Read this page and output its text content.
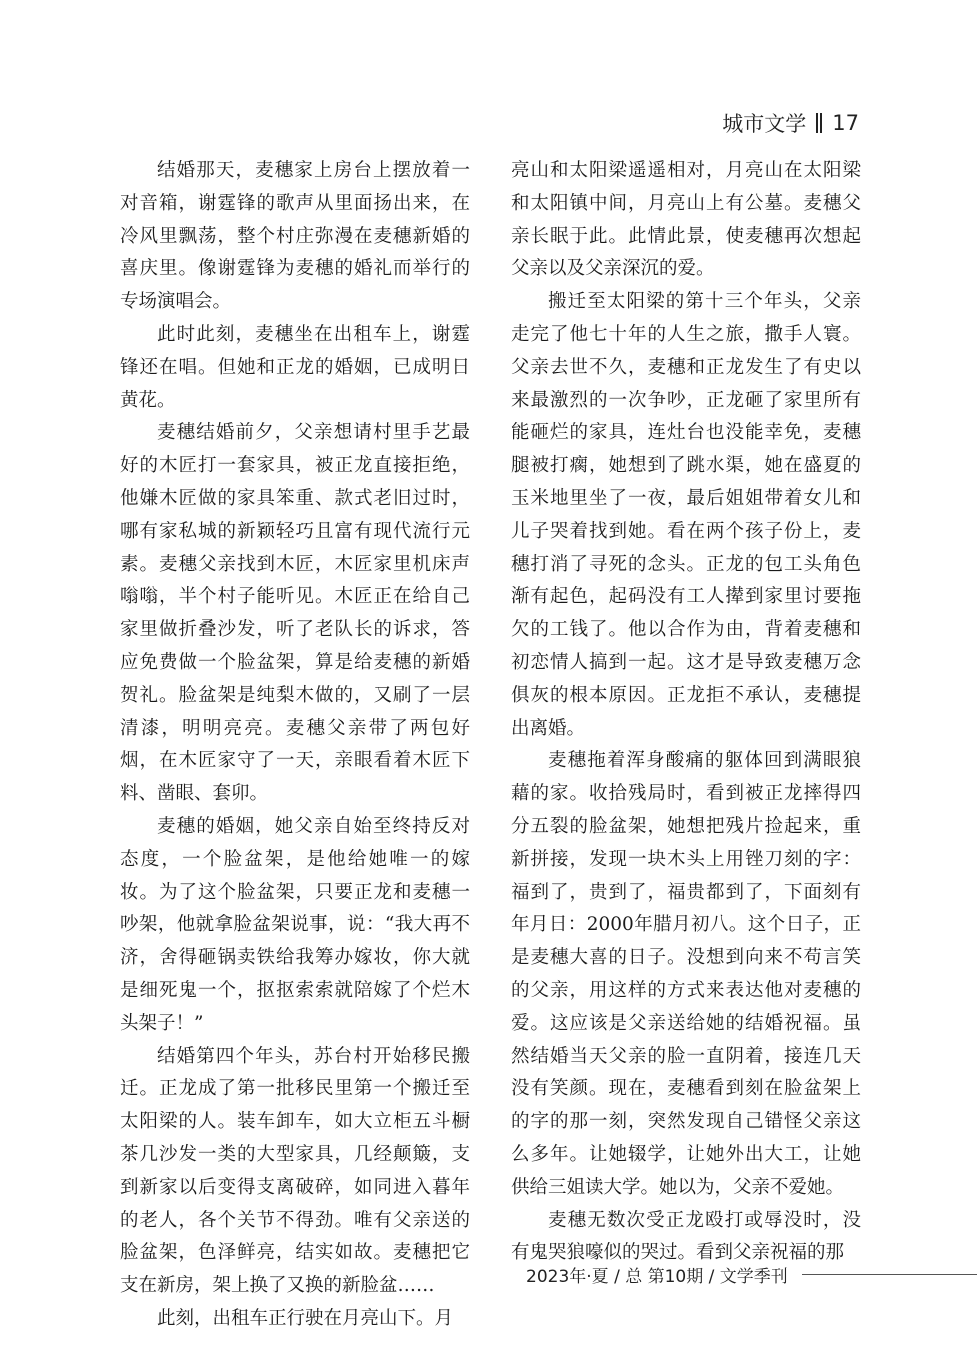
城市文学 17

结婚那天，麦穗家上房台上摆放着一对音箱，谢霆锋的歌声从里面扬出来，在冷风里飘荡，整个村庄弥漫在麦穗新婚的喜庆里。像谢霆锋为麦穗的婚礼而举行的专场演唱会。

此时此刻，麦穗坐在出租车上，谢霆锋还在唱。但她和正龙的婚姻，已成明日黄花。

麦穗结婚前夕，父亲想请村里手艺最好的木匠打一套家具，被正龙直接拒绝，他嫌木匠做的家具笨重、款式老旧过时，哪有家私城的新颖轻巧且富有现代流行元素。麦穗父亲找到木匠，木匠家里机床声嗡嗡，半个村子能听见。木匠正在给自己家里做折叠沙发，听了老队长的诉求，答应免费做一个脸盆架，算是给麦穗的新婚贺礼。脸盆架是纯梨木做的，又刷了一层清漆，明明亮亮。麦穗父亲带了两包好烟，在木匠家守了一天，亲眼看着木匠下料、凿眼、套卯。

麦穗的婚姻，她父亲自始至终持反对态度，一个脸盆架，是他给她唯一的嫁妆。为了这个脸盆架，只要正龙和麦穗一吵架，他就拿脸盆架说事，说：“我大再不济，舍得砸锅卖铁给我筹办嫁妆，你大就是细死鬼一个，抠抠索索就陪嫁了个烂木头架子！”

结婚第四个年头，苏台村开始移民搬迁。正龙成了第一批移民里第一个搬迁至太阳梁的人。装车卸车，如大立柜五斗橱茶几沙发一类的大型家具，几经颠簸，支到新家以后变得支离破碎，如同进入暮年的老人，各个关节不得劲。唯有父亲送的脸盆架，色泽鲜亮，结实如故。麦穗把它支在新房，架上换了又换的新脸盆……

此刻，出租车正行驶在月亮山下。月

亮山和太阳梁遥遥相对，月亮山在太阳梁和太阳镇中间，月亮山上有公墓。麦穗父亲长眠于此。此情此景，使麦穗再次想起父亲以及父亲深沉的爱。

搬迁至太阳梁的第十三个年头，父亲走完了他七十年的人生之旅，撒手人寰。父亲去世不久，麦穗和正龙发生了有史以来最激烈的一次争吵，正龙砸了家里所有能砸烂的家具，连灶台也没能幸免，麦穗腿被打瘸，她想到了跳水渠，她在盛夏的玉米地里坐了一夜，最后姐姐带着女儿和儿子哭着找到她。看在两个孩子份上，麦穗打消了寻死的念头。正龙的包工头角色渐有起色，起码没有工人撵到家里讨要拖欠的工钱了。他以合作为由，背着麦穗和初恋情人搞到一起。这才是导致麦穗万念俱灰的根本原因。正龙拒不承认，麦穗提出离婚。

麦穗拖着浑身酸痛的躯体回到满眼狼藉的家。收拾残局时，看到被正龙摔得四分五裂的脸盆架，她想把残片捡起来，重新拼接，发现一块木头上用锉刀刻的字：福到了，贵到了，福贵都到了，下面刻有年月日：2000年腊月初八。这个日子，正是麦穗大喜的日子。没想到向来不苟言笑的父亲，用这样的方式来表达他对麦穗的爱。这应该是父亲送给她的结婚祝福。虽然结婚当天父亲的脸一直阴着，接连几天没有笑颜。现在，麦穗看到刻在脸盆架上的字的那一刻，突然发现自己错怪父亲这么多年。让她辍学，让她外出大工，让她供给三姐读大学。她以为，父亲不爱她。

麦穗无数次受正龙殴打或辱没时，没有鬼哭狼嚎似的哭过。看到父亲祝福的那

2023年·夏 / 总 第10期 / 文学季刊
